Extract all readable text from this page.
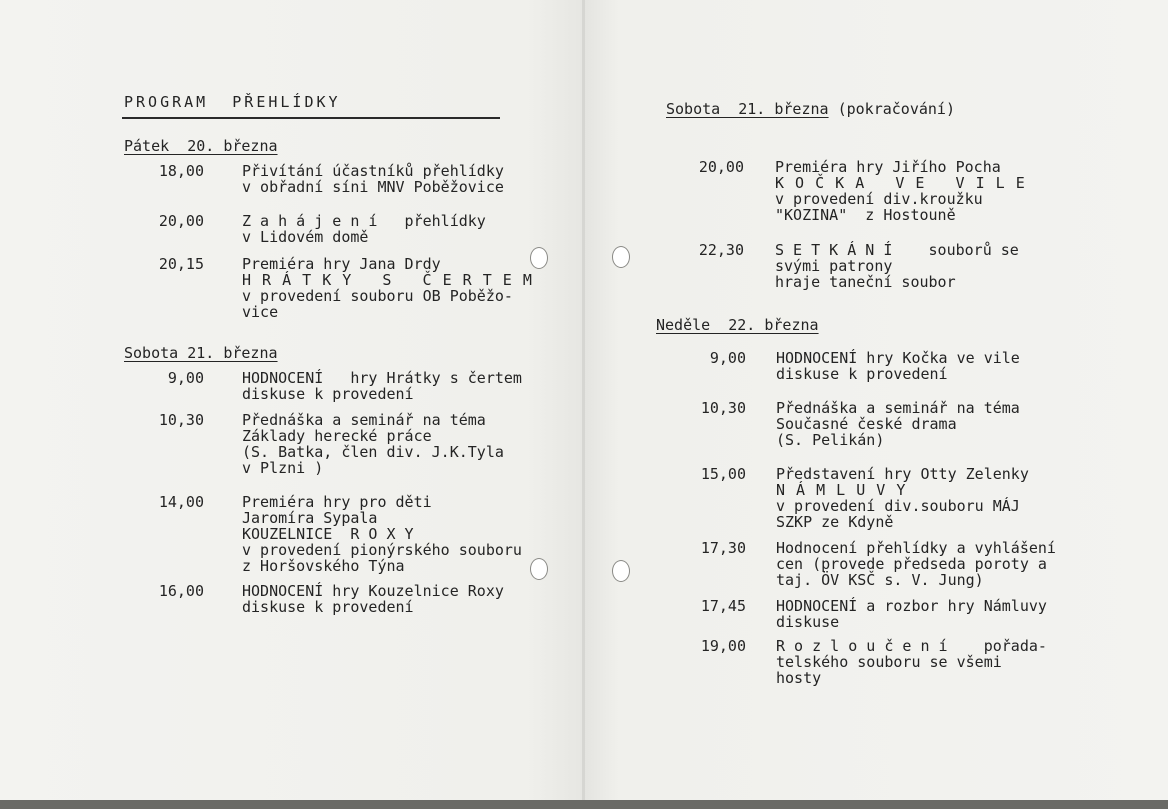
PROGRAM  PŘEHLÍDKY
Pátek  20. března
18,00	Přivítání účastníků přehlídky
v obřadní síni MNV Poběžovice
20,00	Z a h á j e n í   přehlídky
v Lidovém domě
20,15	Premiéra hry Jana Drdy
H R Á T K Y   S   Č E R T E M
v provedení souboru OB Poběžo-
vice
Sobota 21. března
9,00	HODNOCENÍ   hry Hrátky s čertem
diskuse k provedení
10,30	Přednáška a seminář na téma
Základy herecké práce
(S. Batka, člen div. J.K.Tyla
v Plzni )
14,00	Premiéra hry pro děti
Jaromíra Sypala
KOUZELNICE  R O X Y
v provedení pionýrského souboru
z Horšovského Týna
16,00	HODNOCENÍ hry Kouzelnice Roxy
diskuse k provedení
Sobota  21. března (pokračování)
20,00 Premiéra hry Jiřího Pocha
K O Č K A   V E   V I L E
v provedení div.kroužku
"KOZINA"  z Hostouně
22,30 S E T K Á N Í    souborů se
svými patrony
hraje taneční soubor
Neděle  22. března
9,00 HODNOCENÍ hry Kočka ve vile
diskuse k provedení
10,30 Přednáška a seminář na téma
Současné české drama
(S. Pelikán)
15,00 Představení hry Otty Zelenky
N Á M L U V Y
v provedení div.souboru MÁJ
SZKP ze Kdyně
17,30 Hodnocení přehlídky a vyhlášení
cen (provede předseda poroty a
taj. ÖV KSČ s. V. Jung)
17,45 HODNOCENÍ a rozbor hry Námluvy
diskuse
19,00 R o z l o u č e n í    pořada-
telského souboru se všemi
hosty
